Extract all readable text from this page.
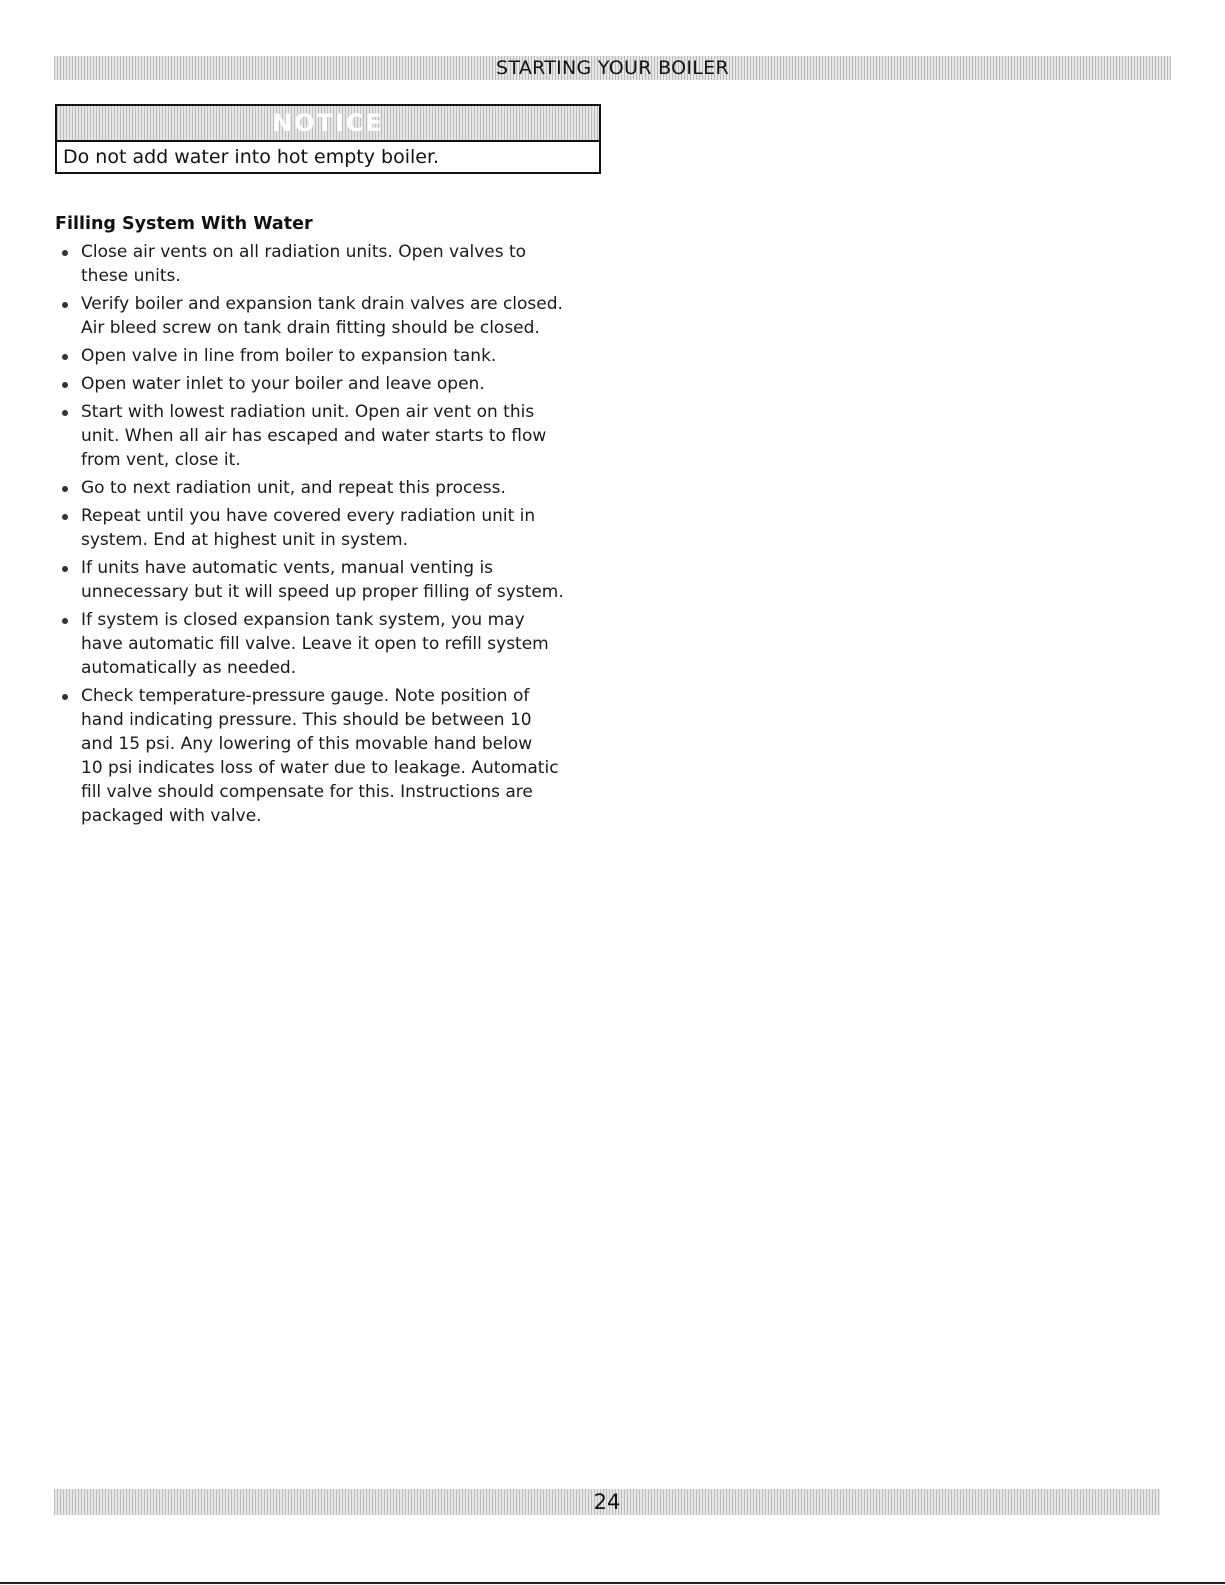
STARTING YOUR BOILER
NOTICE
Do not add water into hot empty boiler.
Filling System With Water
Close air vents on all radiation units. Open valves to
these units.
Verify boiler and expansion tank drain valves are closed.
Air bleed screw on tank drain fitting should be closed.
Open valve in line from boiler to expansion tank.
Open water inlet to your boiler and leave open.
Start with lowest radiation unit. Open air vent on this
unit. When all air has escaped and water starts to flow
from vent, close it.
Go to next radiation unit, and repeat this process.
Repeat until you have covered every radiation unit in
system. End at highest unit in system.
If units have automatic vents, manual venting is
unnecessary but it will speed up proper filling of system.
If system is closed expansion tank system, you may
have automatic fill valve. Leave it open to refill system
automatically as needed.
Check temperature-pressure gauge. Note position of
hand indicating pressure. This should be between 10
and 15 psi. Any lowering of this movable hand below
10 psi indicates loss of water due to leakage. Automatic
fill valve should compensate for this. Instructions are
packaged with valve.
24
